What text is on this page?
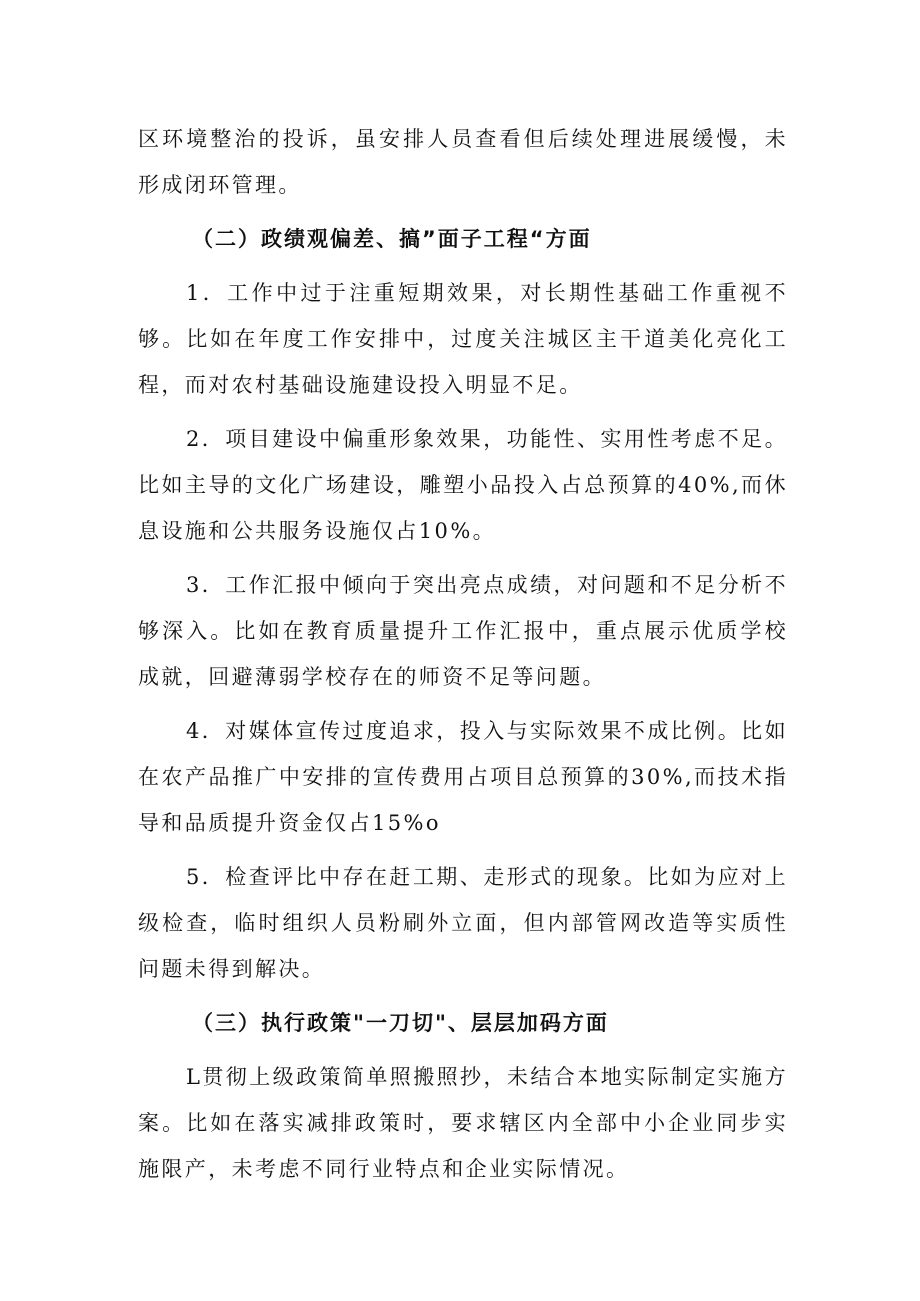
区环境整治的投诉，虽安排人员查看但后续处理进展缓慢，未形成闭环管理。

（二）政绩观偏差、搞”面子工程“方面

1．工作中过于注重短期效果，对长期性基础工作重视不够。比如在年度工作安排中，过度关注城区主干道美化亮化工程，而对农村基础设施建设投入明显不足。

2．项目建设中偏重形象效果，功能性、实用性考虑不足。比如主导的文化广场建设，雕塑小品投入占总预算的40%,而休息设施和公共服务设施仅占10%。

3．工作汇报中倾向于突出亮点成绩，对问题和不足分析不够深入。比如在教育质量提升工作汇报中，重点展示优质学校成就，回避薄弱学校存在的师资不足等问题。

4．对媒体宣传过度追求，投入与实际效果不成比例。比如在农产品推广中安排的宣传费用占项目总预算的30%,而技术指导和品质提升资金仅占15%o

5．检查评比中存在赶工期、走形式的现象。比如为应对上级检查，临时组织人员粉刷外立面，但内部管网改造等实质性问题未得到解决。

（三）执行政策"一刀切"、层层加码方面

L贯彻上级政策简单照搬照抄，未结合本地实际制定实施方案。比如在落实减排政策时，要求辖区内全部中小企业同步实施限产，未考虑不同行业特点和企业实际情况。
